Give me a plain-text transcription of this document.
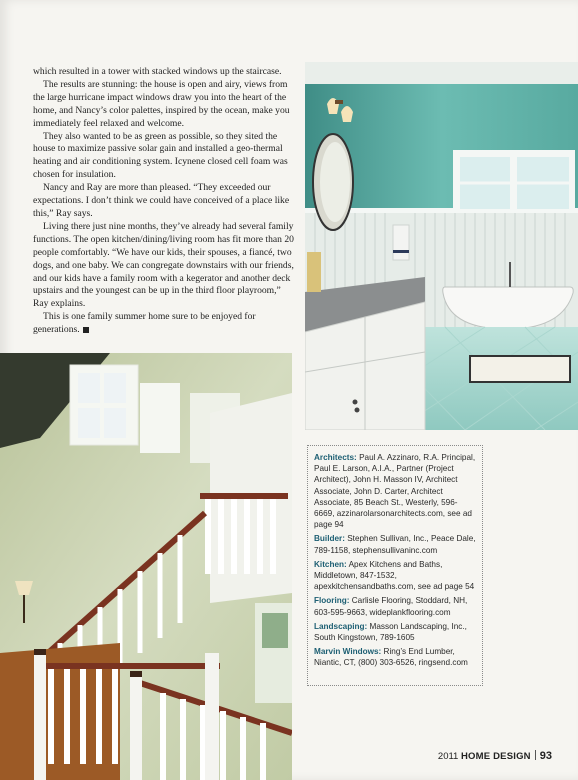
which resulted in a tower with stacked windows up the staircase.

The results are stunning: the house is open and airy, views from the large hurricane impact windows draw you into the heart of the home, and Nancy’s color palettes, inspired by the ocean, make you immediately feel relaxed and welcome.

They also wanted to be as green as possible, so they sited the house to maximize passive solar gain and installed a geo-thermal heating and air conditioning system. Icynene closed cell foam was chosen for insulation.

Nancy and Ray are more than pleased. “They exceeded our expectations. I don’t think we could have conceived of a place like this,” Ray says.

Living there just nine months, they’ve already had several family functions. The open kitchen/dining/living room has fit more than 20 people comfortably. “We have our kids, their spouses, a fiancé, two dogs, and one baby. We can congregate downstairs with our friends, and our kids have a family room with a kegerator and another deck upstairs and the youngest can be up in the third floor playroom,” Ray explains.

This is one family summer home sure to be enjoyed for generations.

Architects: Paul A. Azzinaro, R.A. Principal, Paul E. Larson, A.I.A., Partner (Project Architect), John H. Masson IV, Architect Associate, John D. Carter, Architect Associate, 85 Beach St., Westerly, 596-6669, azzinarolarsonarchitects.com, see ad page 94

Builder: Stephen Sullivan, Inc., Peace Dale, 789-1158, stephensullivaninc.com

Kitchen: Apex Kitchens and Baths, Middletown, 847-1532, apexkitchensandbaths.com, see ad page 54

Flooring: Carlisle Flooring, Stoddard, NH, 603-595-9663, wideplankflooring.com

Landscaping: Masson Landscaping, Inc., South Kingstown, 789-1605

Marvin Windows: Ring’s End Lumber, Niantic, CT, (800) 303-6526, ringsend.com

2011 HOME DESIGN 93
